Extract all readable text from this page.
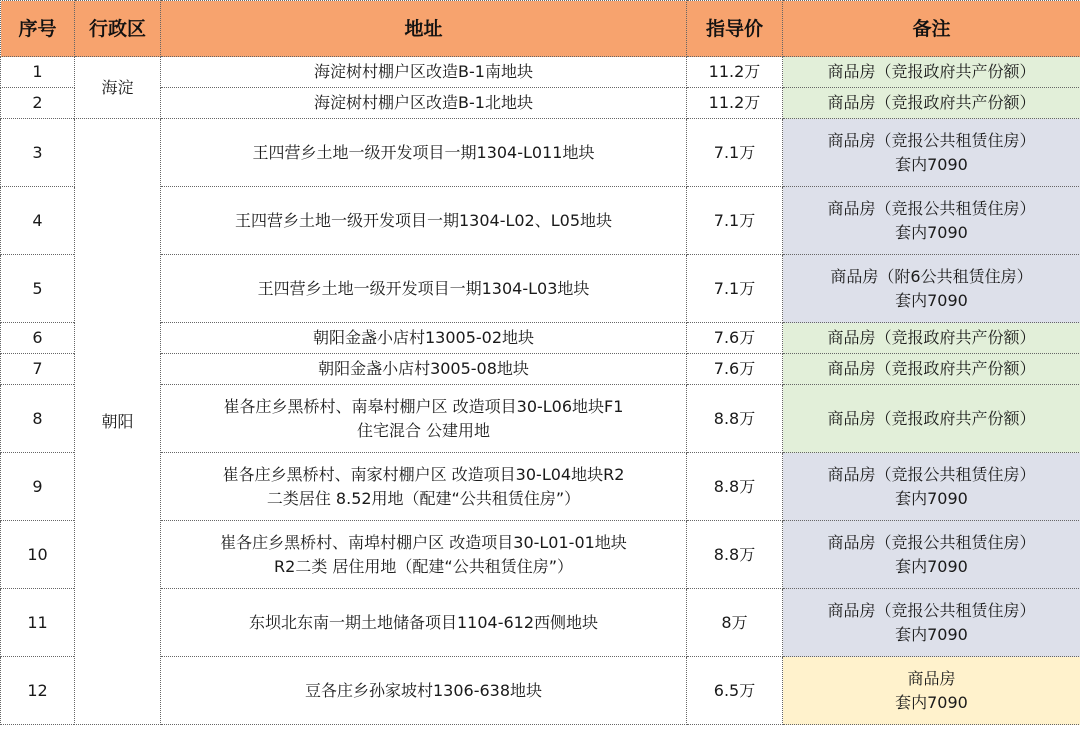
序号	行政区	地址	指导价	备注
1	海淀	海淀树村棚户区改造B-1南地块	11.2万	商品房（竞报政府共产份额）

2		海淀树村棚户区改造B-1北地块	11.2万	商品房（竞报政府共产份额）

3	朝阳	王四营乡土地一级开发项目一期1304-L011地块	7.1万	商品房（竞报公共租赁住房）
套内7090

4		王四营乡土地一级开发项目一期1304-L02、L05地块	7.1万	商品房（竞报公共租赁住房）
套内7090

5		王四营乡土地一级开发项目一期1304-L03地块	7.1万	商品房（附6公共租赁住房）
套内7090

6		朝阳金盏小店村13005-02地块	7.6万	商品房（竞报政府共产份额）

7		朝阳金盏小店村3005-08地块	7.6万	商品房（竞报政府共产份额）

8		崔各庄乡黑桥村、南皋村棚户区 改造项目30-L06地块F1
住宅混合 公建用地	8.8万	商品房（竞报政府共产份额）

9		崔各庄乡黑桥村、南家村棚户区 改造项目30-L04地块R2
二类居住 8.52用地（配建“公共租赁住房”）	8.8万	商品房（竞报公共租赁住房）
套内7090

10		崔各庄乡黑桥村、南埠村棚户区 改造项目30-L01-01地块
R2二类 居住用地（配建“公共租赁住房”）	8.8万	商品房（竞报公共租赁住房）
套内7090

11		东坝北东南一期土地储备项目1104-612西侧地块	8万	商品房（竞报公共租赁住房）
套内7090

12		豆各庄乡孙家坡村1306-638地块	6.5万	商品房
套内7090
